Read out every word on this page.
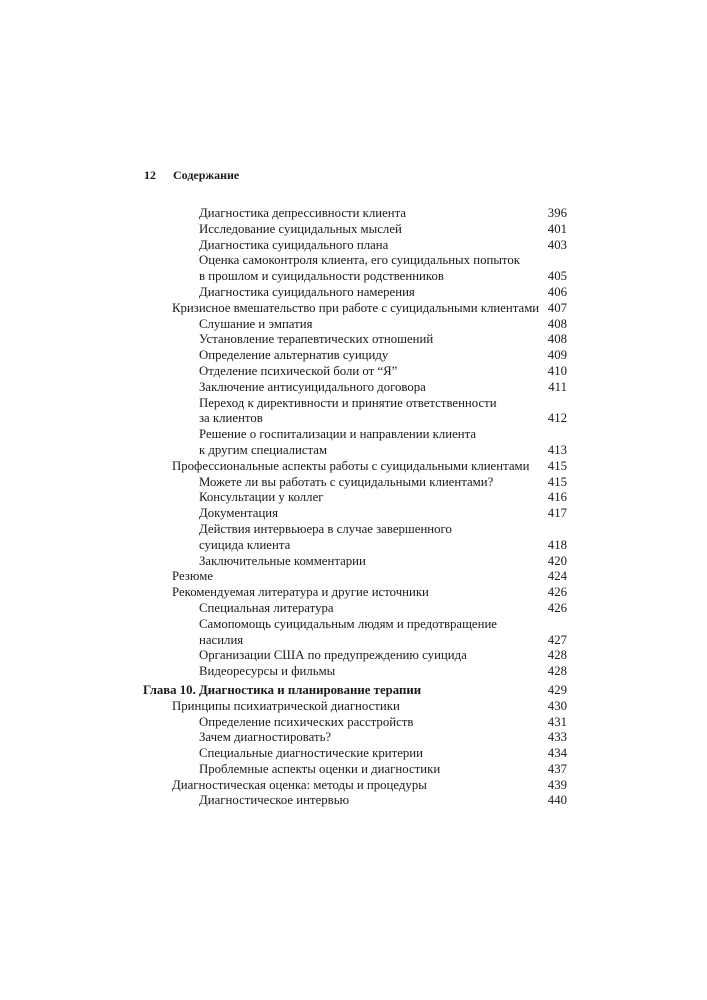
12 Содержание
Диагностика депрессивности клиента	396
Исследование суицидальных мыслей	401
Диагностика суицидального плана	403
Оценка самоконтроля клиента, его суицидальных попыток
в прошлом и суицидальности родственников	405
Диагностика суицидального намерения	406
Кризисное вмешательство при работе с суицидальными клиентами 407
Слушание и эмпатия	408
Установление терапевтических отношений	408
Определение альтернатив суициду	409
Отделение психической боли от “Я”	410
Заключение антисуицидального договора	411
Переход к директивности и принятие ответственности
за клиентов	412
Решение о госпитализации и направлении клиента
к другим специалистам	413
Профессиональные аспекты работы с суицидальными клиентами	415
Можете ли вы работать с суицидальными клиентами?	415
Консультации у коллег	416
Документация	417
Действия интервьюера в случае завершенного
суицида клиента	418
Заключительные комментарии	420
Резюме	424
Рекомендуемая литература и другие источники	426
Специальная литература	426
Самопомощь суицидальным людям и предотвращение
насилия	427
Организации США по предупреждению суицида	428
Видеоресурсы и фильмы	428
Глава 10. Диагностика и планирование терапии	429
Принципы психиатрической диагностики	430
Определение психических расстройств	431
Зачем диагностировать?	433
Специальные диагностические критерии	434
Проблемные аспекты оценки и диагностики	437
Диагностическая оценка: методы и процедуры	439
Диагностическое интервью	440
